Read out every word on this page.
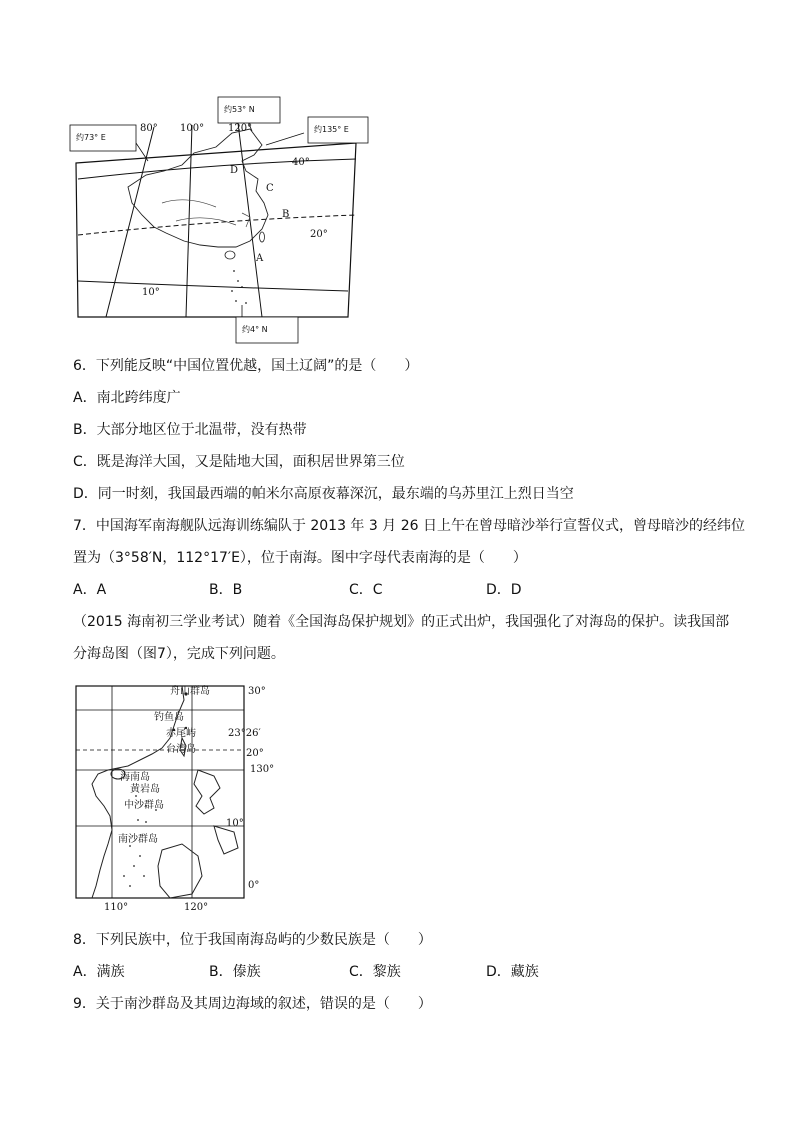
约73° E
约53° N
约135° E
约4° N
80° 100° 120°
40°
20°
10°
A
B
C
D
6．下列能反映“中国位置优越，国土辽阔”的是（　　）
A．南北跨纬度广
B．大部分地区位于北温带，没有热带
C．既是海洋大国，又是陆地大国，面积居世界第三位
D．同一时刻，我国最西端的帕米尔高原夜幕深沉，最东端的乌苏里江上烈日当空
7．中国海军南海舰队远海训练编队于 2013 年 3 月 26 日上午在曾母暗沙举行宣誓仪式，曾母暗沙的经纬位
置为（3°58′N，112°17′E），位于南海。图中字母代表南海的是（　　）
A．A	B．B	C．C	D．D
（2015 海南初三学业考试）随着《全国海岛保护规划》的正式出炉，我国强化了对海岛的保护。读我国部
分海岛图（图7），完成下列问题。
舟山群岛
钓鱼岛
赤尾屿
台湾岛
海南岛
黄岩岛
中沙群岛
南沙群岛
30°
23°26′
20°
10°
0°
130°
110°	120°
8．下列民族中，位于我国南海岛屿的少数民族是（　　）
A．满族	B．傣族	C．黎族	D．藏族
9．关于南沙群岛及其周边海域的叙述，错误的是（　　）
